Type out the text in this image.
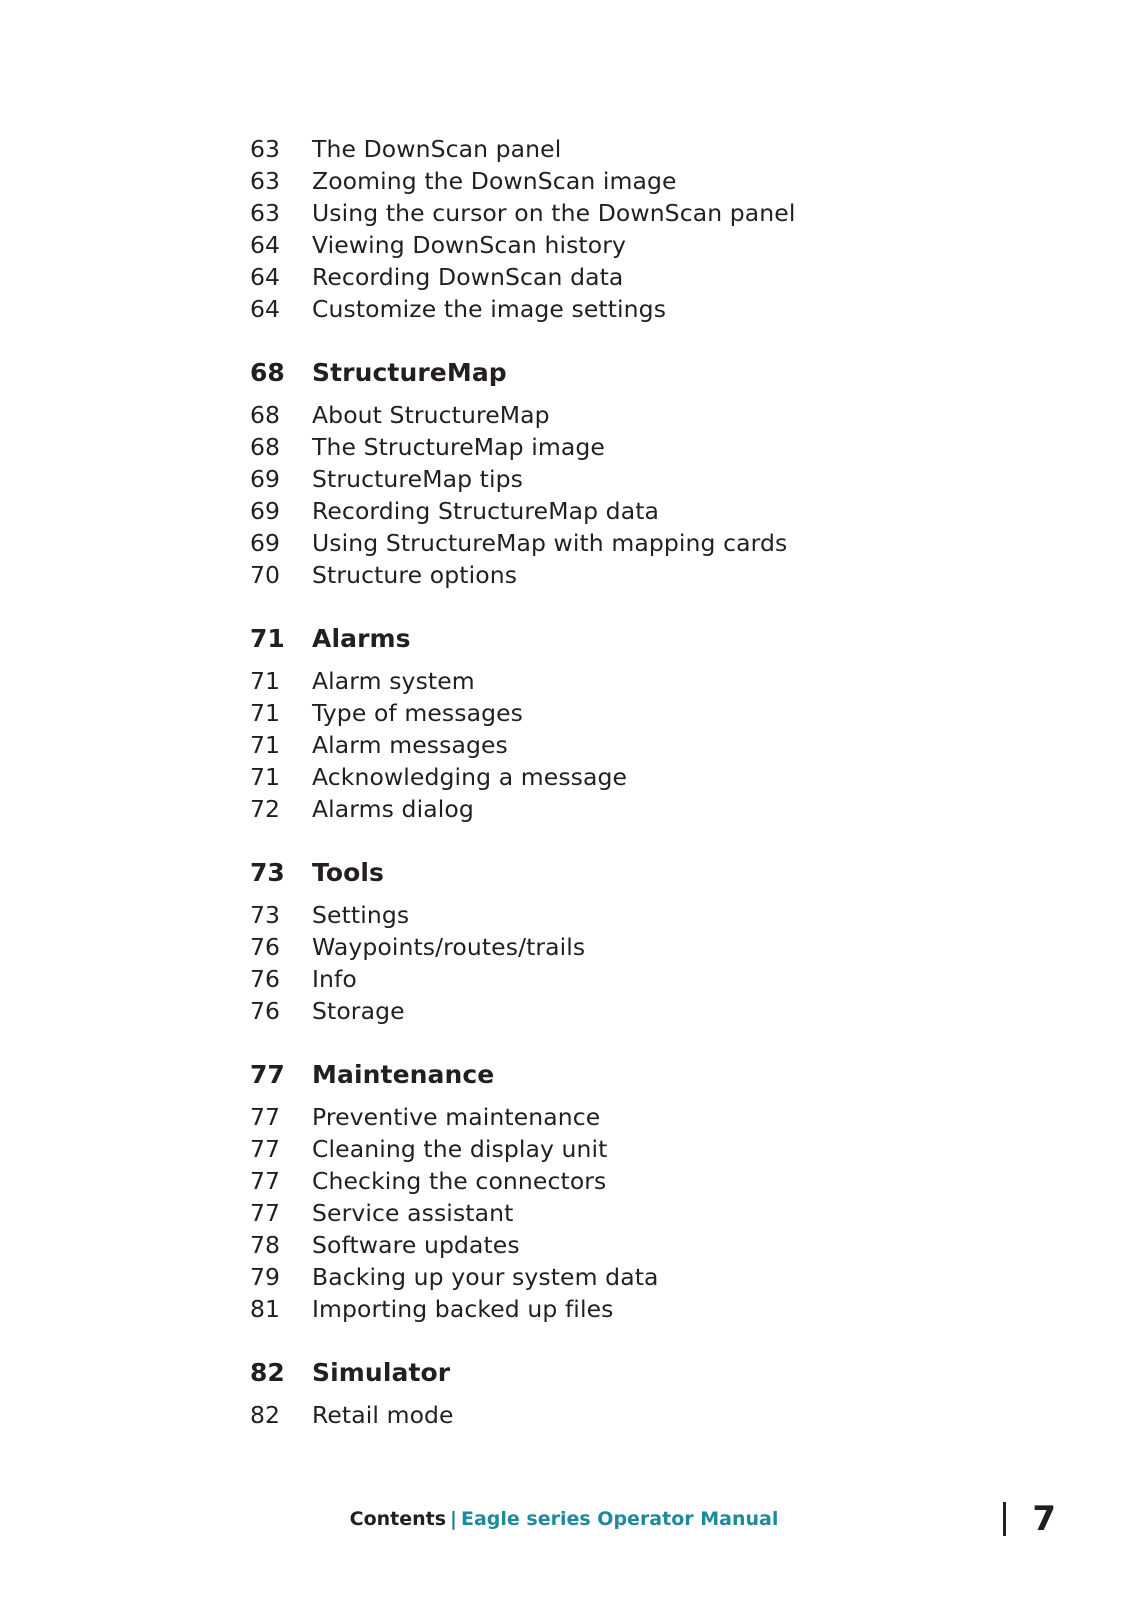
63	The DownScan panel
63	Zooming the DownScan image
63	Using the cursor on the DownScan panel
64	Viewing DownScan history
64	Recording DownScan data
64	Customize the image settings
68	StructureMap
68	About StructureMap
68	The StructureMap image
69	StructureMap tips
69	Recording StructureMap data
69	Using StructureMap with mapping cards
70	Structure options
71	Alarms
71	Alarm system
71	Type of messages
71	Alarm messages
71	Acknowledging a message
72	Alarms dialog
73	Tools
73	Settings
76	Waypoints/routes/trails
76	Info
76	Storage
77	Maintenance
77	Preventive maintenance
77	Cleaning the display unit
77	Checking the connectors
77	Service assistant
78	Software updates
79	Backing up your system data
81	Importing backed up files
82	Simulator
82	Retail mode
Contents | Eagle series Operator Manual	7
